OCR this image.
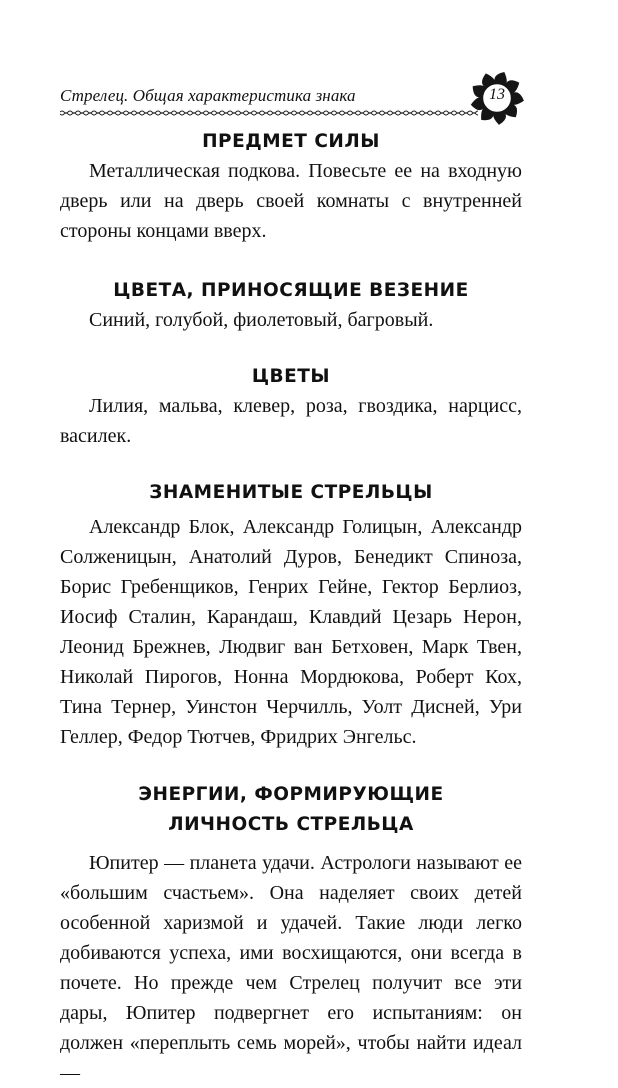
Стрелец. Общая характеристика знака	13
ПРЕДМЕТ СИЛЫ

Металлическая подкова. Повесьте ее на входную дверь или на дверь своей комнаты с внутренней стороны концами вверх.

ЦВЕТА, ПРИНОСЯЩИЕ ВЕЗЕНИЕ

Синий, голубой, фиолетовый, багровый.

ЦВЕТЫ

Лилия, мальва, клевер, роза, гвоздика, нарцисс, василек.

ЗНАМЕНИТЫЕ СТРЕЛЬЦЫ

Александр Блок, Александр Голицын, Александр Солженицын, Анатолий Дуров, Бенедикт Спиноза, Борис Гребенщиков, Генрих Гейне, Гектор Берлиоз, Иосиф Сталин, Карандаш, Клавдий Цезарь Нерон, Леонид Брежнев, Людвиг ван Бетховен, Марк Твен, Николай Пирогов, Нонна Мордюкова, Роберт Кох, Тина Тернер, Уинстон Черчилль, Уолт Дисней, Ури Геллер, Федор Тютчев, Фридрих Энгельс.

ЭНЕРГИИ, ФОРМИРУЮЩИЕ
ЛИЧНОСТЬ СТРЕЛЬЦА

Юпитер — планета удачи. Астрологи называют ее «большим счастьем». Она наделяет своих детей особенной харизмой и удачей. Такие люди легко добиваются успеха, ими восхищаются, они всегда в почете. Но прежде чем Стрелец получит все эти дары, Юпитер подвергнет его испытаниям: он должен «переплыть семь морей», чтобы найти идеал —
